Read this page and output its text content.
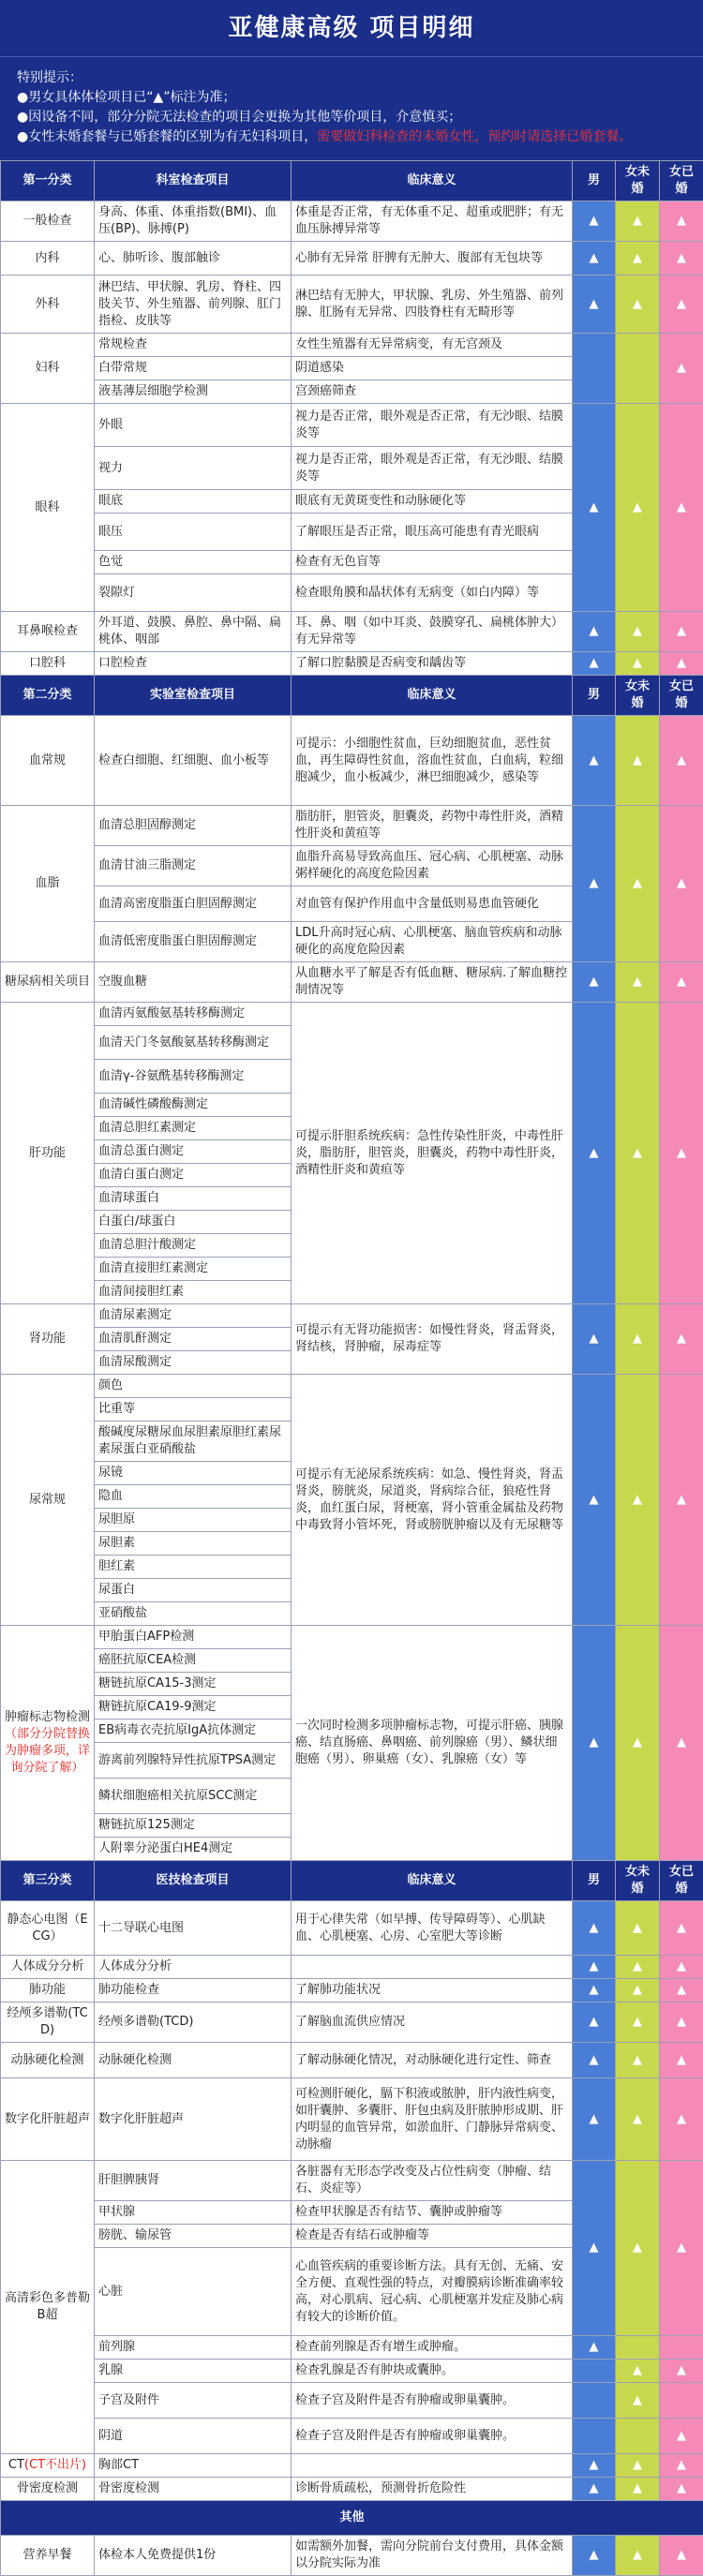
亚健康高级 项目明细
特别提示：
●男女具体体检项目已“▲”标注为准；
●因设备不同，部分分院无法检查的项目会更换为其他等价项目，介意慎买；
●女性未婚套餐与已婚套餐的区别为有无妇科项目，需要做妇科检查的未婚女性，预约时请选择已婚套餐。
第一分类	科室检查项目	临床意义	男	女未婚	女已婚
一般检查	身高、体重、体重指数(BMI)、血压(BP)、脉搏(P)	体重是否正常，有无体重不足、超重或肥胖；有无血压脉搏异常等	▲	▲	▲
内科	心、肺听诊、腹部触诊	心肺有无异常 肝脾有无肿大、腹部有无包块等	▲	▲	▲
外科	淋巴结、甲状腺、乳房、脊柱、四肢关节、外生殖器、前列腺、肛门指检、皮肤等	淋巴结有无肿大，甲状腺、乳房、外生殖器、前列腺、肛肠有无异常、四肢脊柱有无畸形等	▲	▲	▲
妇科	常规检查	女性生殖器有无异常病变，有无宫颈及			▲
	白带常规	阴道感染			
	液基薄层细胞学检测	宫颈癌筛查			
眼科	外眼	视力是否正常，眼外观是否正常，有无沙眼、结膜炎等	▲	▲	▲
	视力	视力是否正常，眼外观是否正常，有无沙眼、结膜炎等			
	眼底	眼底有无黄斑变性和动脉硬化等			
	眼压	了解眼压是否正常，眼压高可能患有青光眼病			
	色觉	检查有无色盲等			
	裂隙灯	检查眼角膜和晶状体有无病变（如白内障）等			
耳鼻喉检查	外耳道、鼓膜、鼻腔、鼻中隔、扁桃体、咽部	耳、鼻、咽（如中耳炎、鼓膜穿孔、扁桃体肿大）有无异常等	▲	▲	▲
口腔科	口腔检查	了解口腔黏膜是否病变和龋齿等	▲	▲	▲
第二分类	实验室检查项目	临床意义	男	女未婚	女已婚
血常规	检查白细胞、红细胞、血小板等	可提示：小细胞性贫血，巨幼细胞贫血，恶性贫血，再生障碍性贫血，溶血性贫血，白血病，粒细胞减少，血小板减少，淋巴细胞减少，感染等	▲	▲	▲
血脂	血清总胆固醇测定	脂肪肝，胆管炎，胆囊炎，药物中毒性肝炎，酒精性肝炎和黄疸等	▲	▲	▲
	血清甘油三脂测定	血脂升高易导致高血压、冠心病、心肌梗塞、动脉粥样硬化的高度危险因素			
	血清高密度脂蛋白胆固醇测定	对血管有保护作用血中含量低则易患血管硬化			
	血清低密度脂蛋白胆固醇测定	LDL升高时冠心病、心肌梗塞、脑血管疾病和动脉硬化的高度危险因素			
糖尿病相关项目	空腹血糖	从血糖水平了解是否有低血糖、糖尿病.了解血糖控制情况等	▲	▲	▲
肝功能	血清丙氨酸氨基转移酶测定	可提示肝胆系统疾病：急性传染性肝炎，中毒性肝炎，脂肪肝，胆管炎，胆囊炎，药物中毒性肝炎，酒精性肝炎和黄疸等	▲	▲	▲
	血清天门冬氨酸氨基转移酶测定				
	血清γ-谷氨酰基转移酶测定				
	血清碱性磷酸酶测定				
	血清总胆红素测定				
	血清总蛋白测定				
	血清白蛋白测定				
	血清球蛋白				
	白蛋白/球蛋白				
	血清总胆汁酸测定				
	血清直接胆红素测定				
	血清间接胆红素				
肾功能	血清尿素测定	可提示有无肾功能损害：如慢性肾炎，肾盂肾炎，肾结核，肾肿瘤，尿毒症等	▲	▲	▲
	血清肌酐测定				
	血清尿酸测定				
尿常规	颜色	可提示有无泌尿系统疾病：如急、慢性肾炎，肾盂肾炎，膀胱炎，尿道炎，肾病综合征，狼疮性肾炎，血红蛋白尿，肾梗塞，肾小管重金属盐及药物中毒致肾小管坏死，肾或膀胱肿瘤以及有无尿糖等	▲	▲	▲
	比重等				
	酸碱度尿糖尿血尿胆素原胆红素尿素尿蛋白亚硝酸盐				
	尿镜				
	隐血				
	尿胆原				
	尿胆素				
	胆红素				
	尿蛋白				
	亚硝酸盐				
肿瘤标志物检测（部分分院替换为肿瘤多项，详询分院了解）	甲胎蛋白AFP检测	一次同时检测多项肿瘤标志物，可提示肝癌、胰腺癌、结直肠癌、鼻咽癌、前列腺癌（男）、鳞状细胞癌（男）、卵巢癌（女）、乳腺癌（女）等	▲	▲	▲
	癌胚抗原CEA检测				
	糖链抗原CA15-3测定				
	糖链抗原CA19-9测定				
	EB病毒衣壳抗原IgA抗体测定				
	游离前列腺特异性抗原TPSA测定				
	鳞状细胞癌相关抗原SCC测定				
	糖链抗原125测定				
	人附睾分泌蛋白HE4测定				
第三分类	医技检查项目	临床意义	男	女未婚	女已婚
静态心电图（ECG）	十二导联心电图	用于心律失常（如早搏、传导障碍等）、心肌缺血、心肌梗塞、心房、心室肥大等诊断	▲	▲	▲
人体成分分析	人体成分分析		▲	▲	▲
肺功能	肺功能检查	了解肺功能状况	▲	▲	▲
经颅多谱勒(TCD)	经颅多谱勒(TCD)	了解脑血流供应情况	▲	▲	▲
动脉硬化检测	动脉硬化检测	了解动脉硬化情况，对动脉硬化进行定性、筛查	▲	▲	▲
数字化肝脏超声	数字化肝脏超声	可检测肝硬化，膈下积液或脓肿，肝内液性病变，如肝囊肿、多囊肝、肝包虫病及肝脓肿形成期、肝内明显的血管异常，如淤血肝、门静脉异常病变、动脉瘤	▲	▲	▲
高清彩色多普勒B超	肝胆脾胰肾	各脏器有无形态学改变及占位性病变（肿瘤、结石、炎症等）	▲	▲	▲
	甲状腺	检查甲状腺是否有结节、囊肿或肿瘤等			
	膀胱、输尿管	检查是否有结石或肿瘤等			
	心脏	心血管疾病的重要诊断方法。具有无创、无痛、安全方便、直观性强的特点，对瓣膜病诊断准确率较高，对心肌病、冠心病、心肌梗塞并发症及肺心病有较大的诊断价值。			
	前列腺	检查前列腺是否有增生或肿瘤。	▲		
	乳腺	检查乳腺是否有肿块或囊肿。		▲	▲
	子宫及附件	检查子宫及附件是否有肿瘤或卵巢囊肿。		▲	
	阴道	检查子宫及附件是否有肿瘤或卵巢囊肿。			▲
CT(CT不出片)	胸部CT		▲	▲	▲
骨密度检测	骨密度检测	诊断骨质疏松，预测骨折危险性	▲	▲	▲
其他					
营养早餐	体检本人免费提供1份	如需额外加餐，需向分院前台支付费用，具体金额以分院实际为准	▲	▲	▲
